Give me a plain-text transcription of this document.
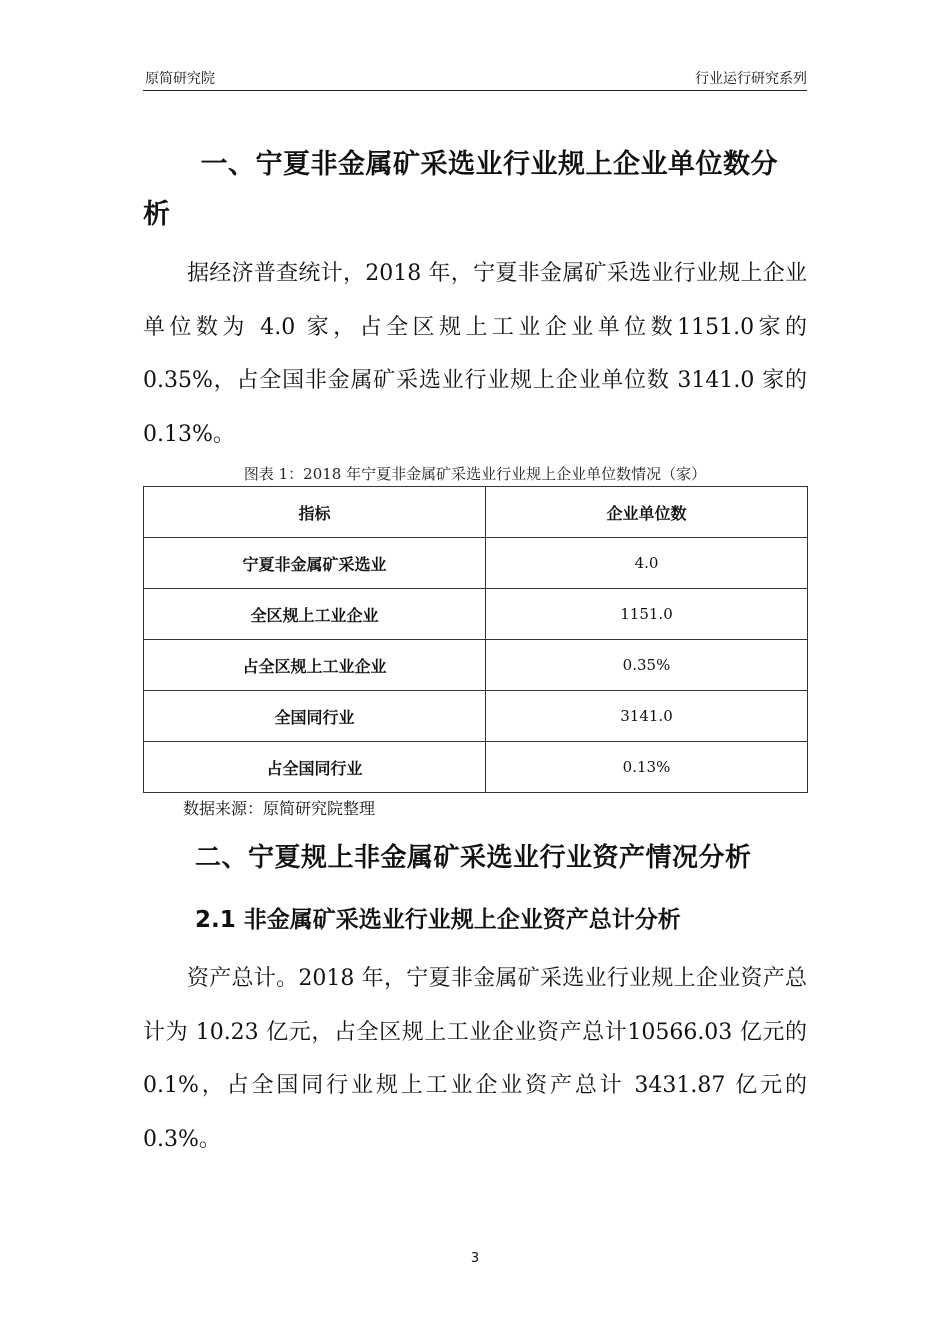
原简研究院	行业运行研究系列
　一、宁夏非金属矿采选业行业规上企业单位数分
析

据经济普查统计，2018 年，宁夏非金属矿采选业行业规上企业单位数为 4.0 家，占全区规上工业企业单位数1151.0家的 0.35%，占全国非金属矿采选业行业规上企业单位数 3141.0 家的 0.13%。

图表 1：2018 年宁夏非金属矿采选业行业规上企业单位数情况（家）
指标	企业单位数
宁夏非金属矿采选业	4.0
全区规上工业企业	1151.0
占全区规上工业企业	0.35%
全国同行业	3141.0
占全国同行业	0.13%
数据来源：原简研究院整理
二、宁夏规上非金属矿采选业行业资产情况分析
2.1 非金属矿采选业行业规上企业资产总计分析

资产总计。2018 年，宁夏非金属矿采选业行业规上企业资产总计为 10.23 亿元，占全区规上工业企业资产总计10566.03 亿元的 0.1%，占全国同行业规上工业企业资产总计 3431.87 亿元的 0.3%。

3
